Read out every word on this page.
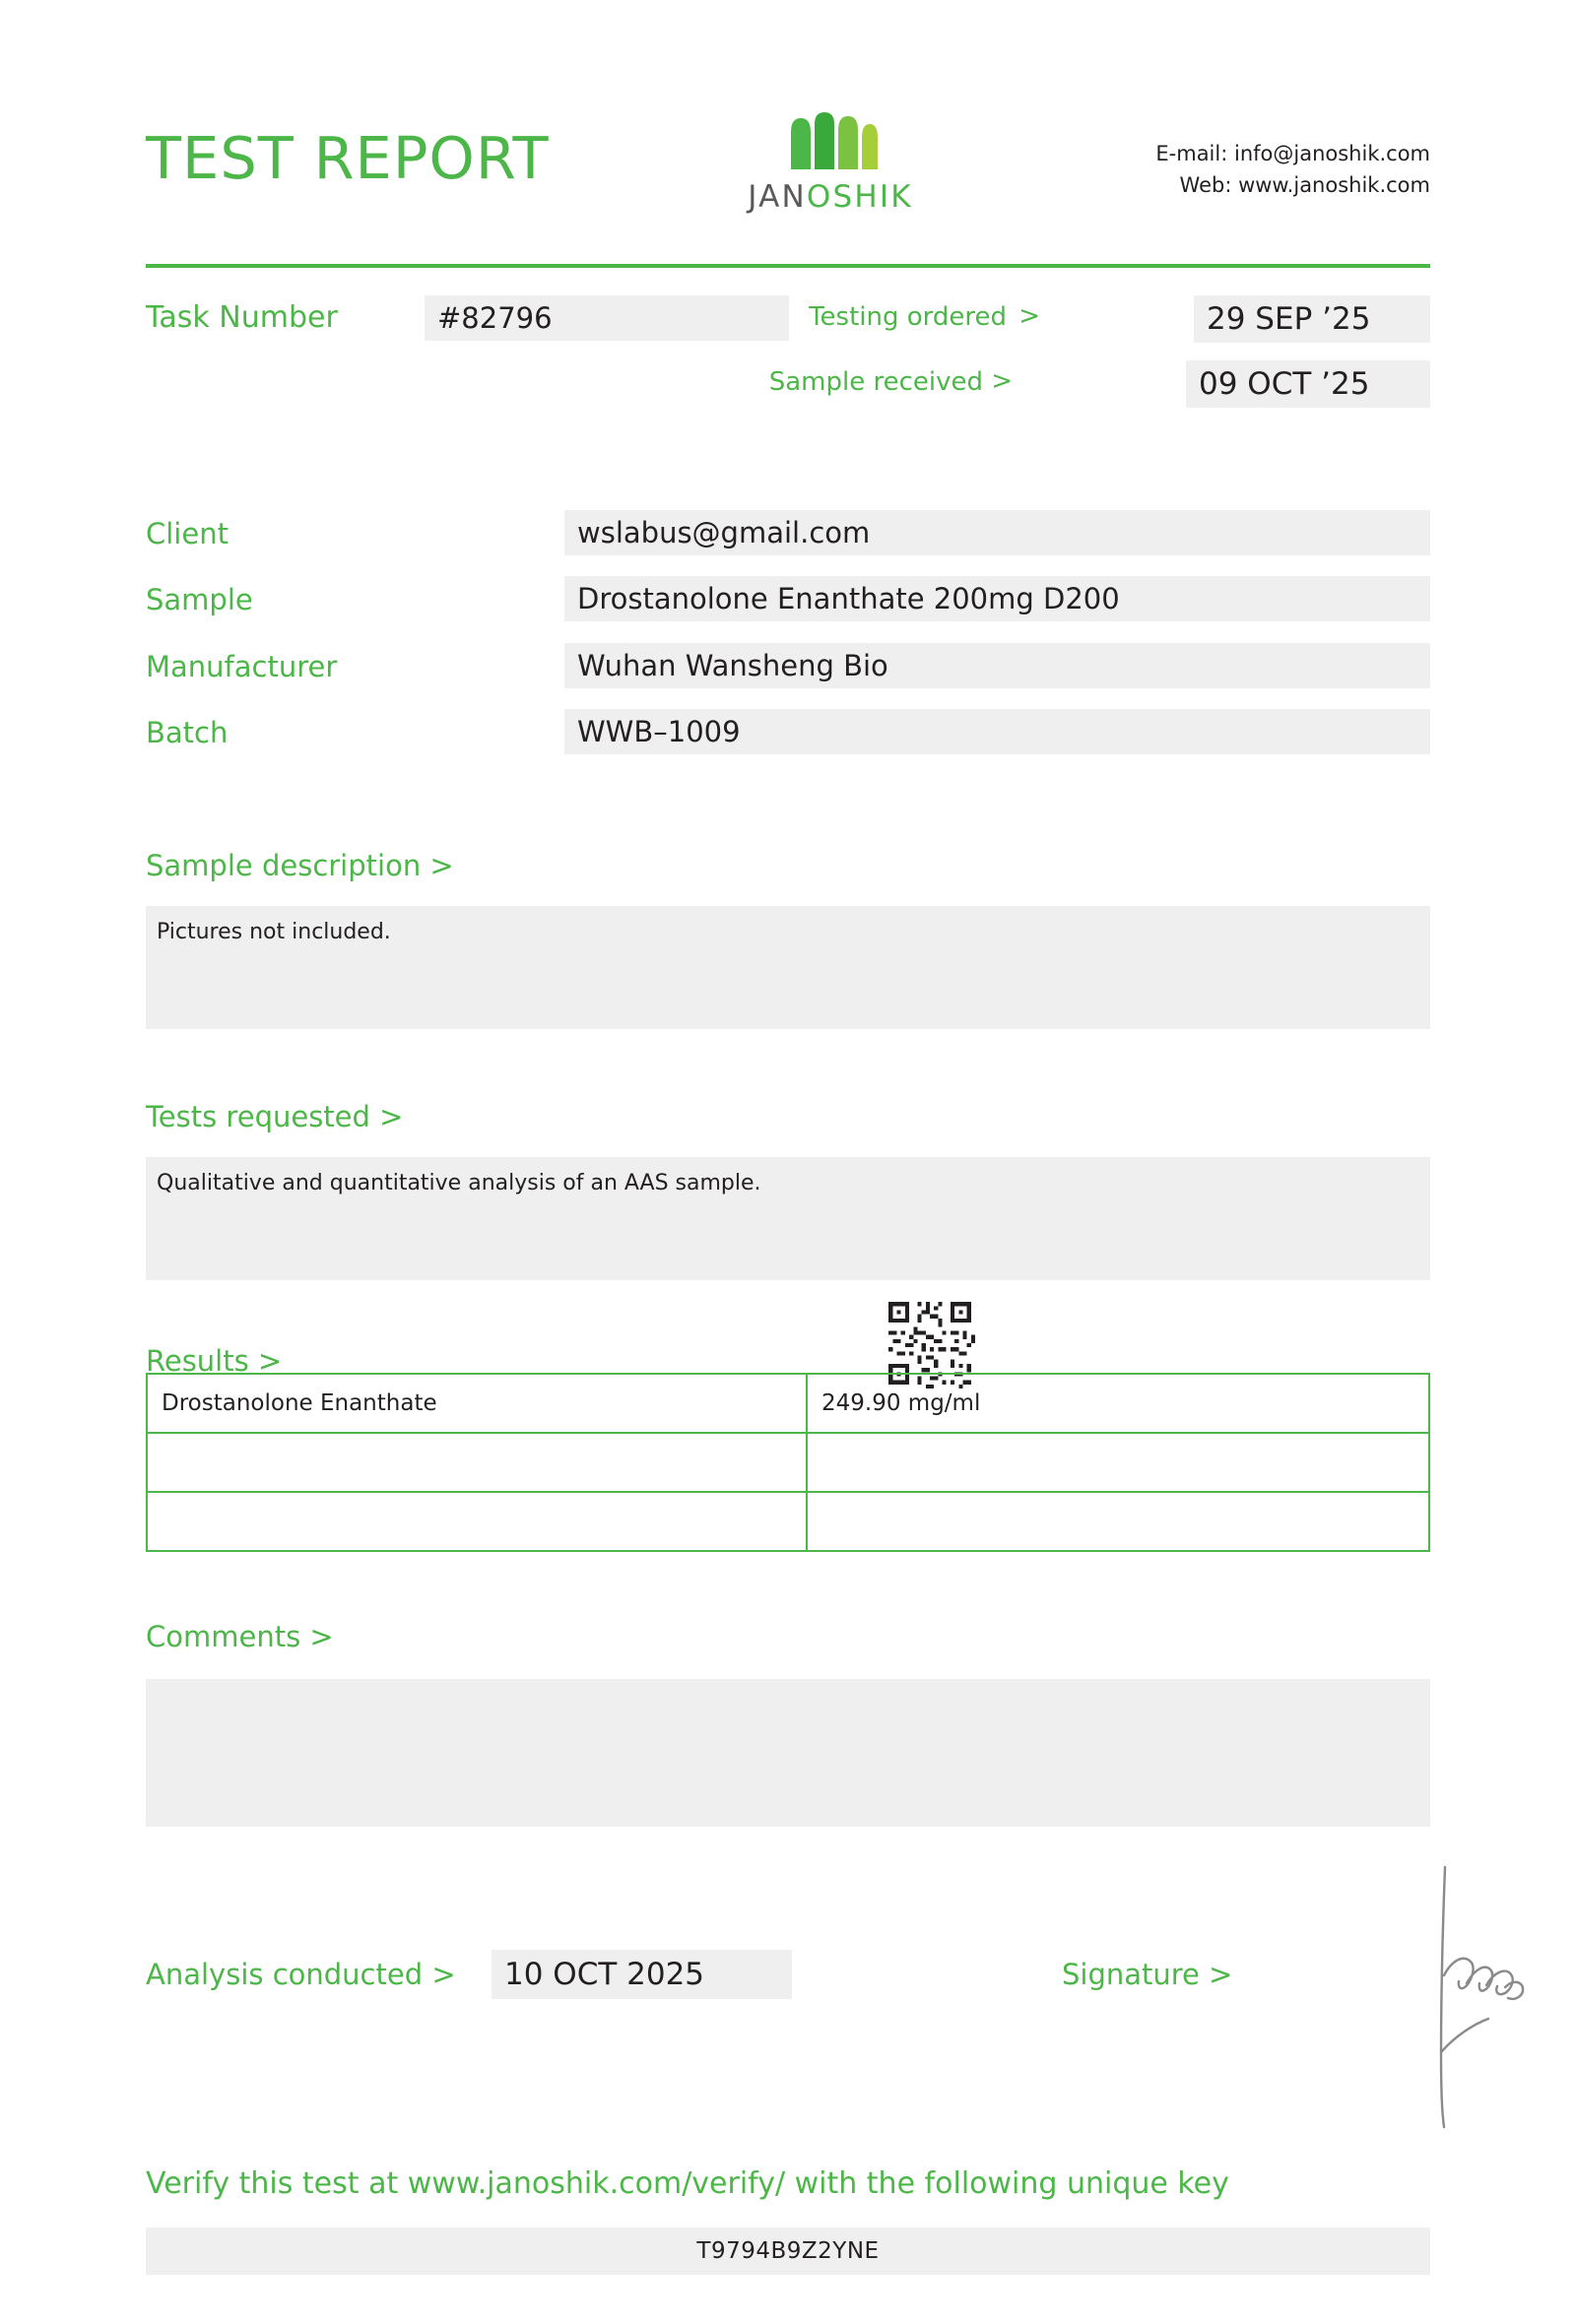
TEST REPORT
JANOSHIK
E-mail: info@janoshik.com
Web: www.janoshik.com
Task Number	#82796	Testing ordered >	29 SEP ’25
Sample received >	09 OCT ’25
Client	wslabus@gmail.com
Sample	Drostanolone Enanthate 200mg D200
Manufacturer	Wuhan Wansheng Bio
Batch	WWB–1009
Sample description >
Pictures not included.
Tests requested >
Qualitative and quantitative analysis of an AAS sample.
Results >
Drostanolone Enanthate	249.90 mg/ml

Comments >
Analysis conducted >	10 OCT 2025	Signature >
Verify this test at www.janoshik.com/verify/ with the following unique key
T9794B9Z2YNE
